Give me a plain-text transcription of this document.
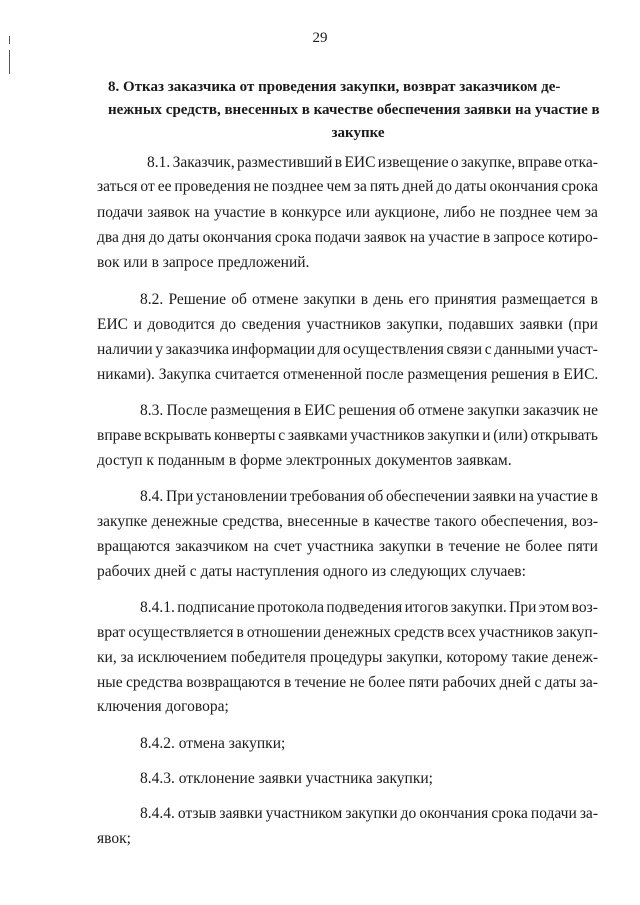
29
8. Отказ заказчика от проведения закупки, возврат заказчиком де-
нежных средств, внесенных в качестве обеспечения заявки на участие в
закупке
8.1. Заказчик, разместивший в ЕИС извещение о закупке, вправе отка-
заться от ее проведения не позднее чем за пять дней до даты окончания срока
подачи заявок на участие в конкурсе или аукционе, либо не позднее чем за
два дня до даты окончания срока подачи заявок на участие в запросе котиро-
вок или в запросе предложений.
8.2. Решение об отмене закупки в день его принятия размещается в
ЕИС и доводится до сведения участников закупки, подавших заявки (при
наличии у заказчика информации для осуществления связи с данными участ-
никами). Закупка считается отмененной после размещения решения в ЕИС.
8.3. После размещения в ЕИС решения об отмене закупки заказчик не
вправе вскрывать конверты с заявками участников закупки и (или) открывать
доступ к поданным в форме электронных документов заявкам.
8.4. При установлении требования об обеспечении заявки на участие в
закупке денежные средства, внесенные в качестве такого обеспечения, воз-
вращаются заказчиком на счет участника закупки в течение не более пяти
рабочих дней с даты наступления одного из следующих случаев:
8.4.1. подписание протокола подведения итогов закупки. При этом воз-
врат осуществляется в отношении денежных средств всех участников закуп-
ки, за исключением победителя процедуры закупки, которому такие денеж-
ные средства возвращаются в течение не более пяти рабочих дней с даты за-
ключения договора;
8.4.2. отмена закупки;
8.4.3. отклонение заявки участника закупки;
8.4.4. отзыв заявки участником закупки до окончания срока подачи за-
явок;
